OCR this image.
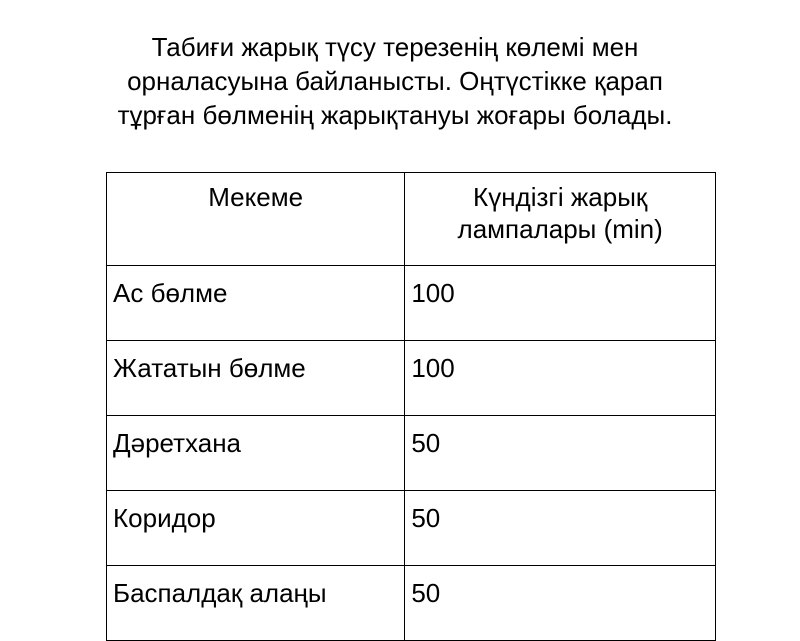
Табиғи жарық түсу терезенің көлемі мен
орналасуына байланысты. Оңтүстікке қарап
тұрған бөлменің жарықтануы жоғары болады.
Мекеме	Күндізгі жарық
лампалары (min)

Ас бөлме	100
Жататын бөлме	100
Дәретхана	50
Коридор	50
Баспалдақ алаңы	50
